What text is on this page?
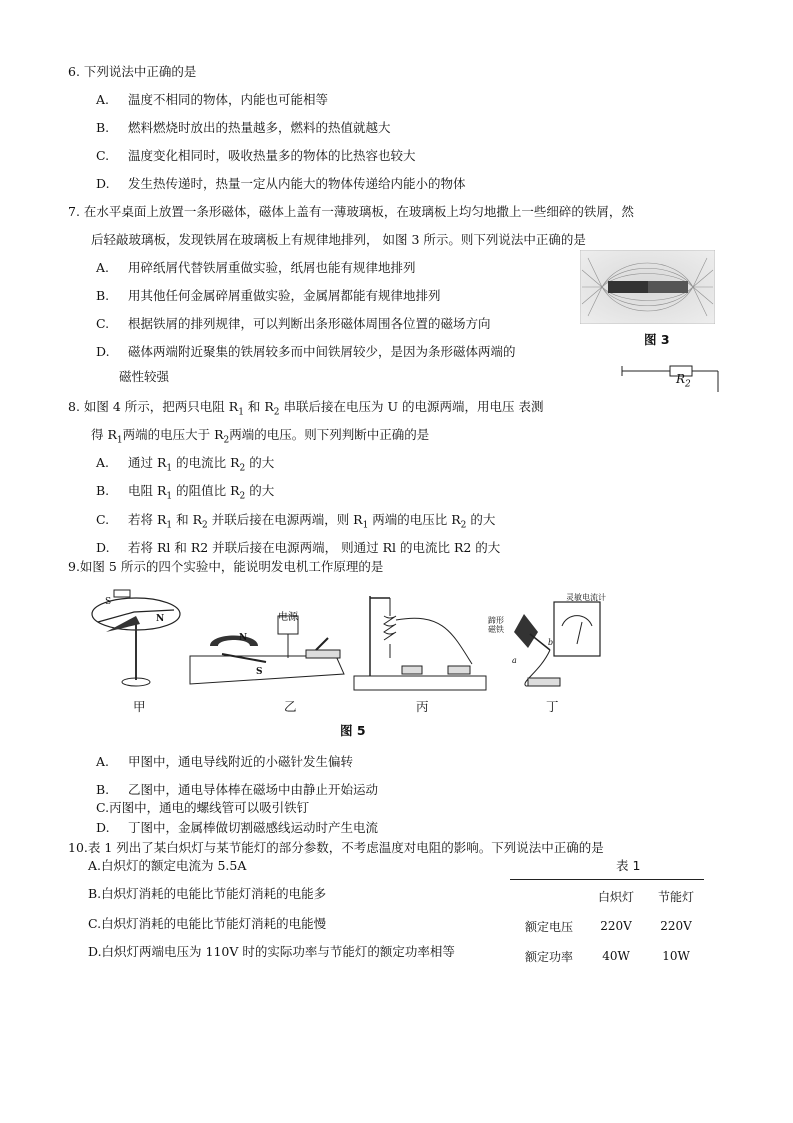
6. 下列说法中正确的是
A. 温度不相同的物体，内能也可能相等
B. 燃料燃烧时放出的热量越多，燃料的热值就越大
C. 温度变化相同时，吸收热量多的物体的比热容也较大
D. 发生热传递时，热量一定从内能大的物体传递给内能小的物体
7. 在水平桌面上放置一条形磁体，磁体上盖有一薄玻璃板，在玻璃板上均匀地撒上一些细碎的铁屑，然
后轻敲玻璃板，发现铁屑在玻璃板上有规律地排列， 如图 3 所示。则下列说法中正确的是
A. 用碎纸屑代替铁屑重做实验，纸屑也能有规律地排列
B. 用其他任何金属碎屑重做实验，金属屑都能有规律地排列
C. 根据铁屑的排列规律，可以判断出条形磁体周围各位置的磁场方向
D. 磁体两端附近聚集的铁屑较多而中间铁屑较少，是因为条形磁体两端的
磁性较强
图 3
$R_2$
8. 如图 4 所示，把两只电阻 $R_1$ 和 $R_2$ 串联后接在电压为 U 的电源两端，用电压 表测
得 $R_1$两端的电压大于 $R_2$两端的电压。则下列判断中正确的是
A. 通过 $R_1$ 的电流比 $R_2$ 的大
B. 电阻 $R_1$ 的阻值比 $R_2$ 的大
C. 若将 $R_1$ 和 $R_2$ 并联后接在电源两端，则 $R_1$ 两端的电压比 $R_2$ 的大
D. 若将 Rl 和 R2 并联后接在电源两端， 则通过 Rl 的电流比 R2 的大
9.如图 5 所示的四个实验中，能说明发电机工作原理的是
S
N	电源
N
S
灵敏电流计
蹄形磁铁
b
a
甲	乙	丙	丁
图 5
A. 甲图中，通电导线附近的小磁针发生偏转
B. 乙图中，通电导体棒在磁场中由静止开始运动
C.丙图中，通电的螺线管可以吸引铁钉
D. 丁图中，金属棒做切割磁感线运动时产生电流
10.表 1 列出了某白炽灯与某节能灯的部分参数，不考虑温度对电阻的影响。下列说法中正确的是
A.白炽灯的额定电流为 5.5A
B.白炽灯消耗的电能比节能灯消耗的电能多
C.白炽灯消耗的电能比节能灯消耗的电能慢
D.白炽灯两端电压为 110V 时的实际功率与节能灯的额定功率相等
表 1
	白炽灯	节能灯
额定电压	220V	220V
额定功率	40W	10W
